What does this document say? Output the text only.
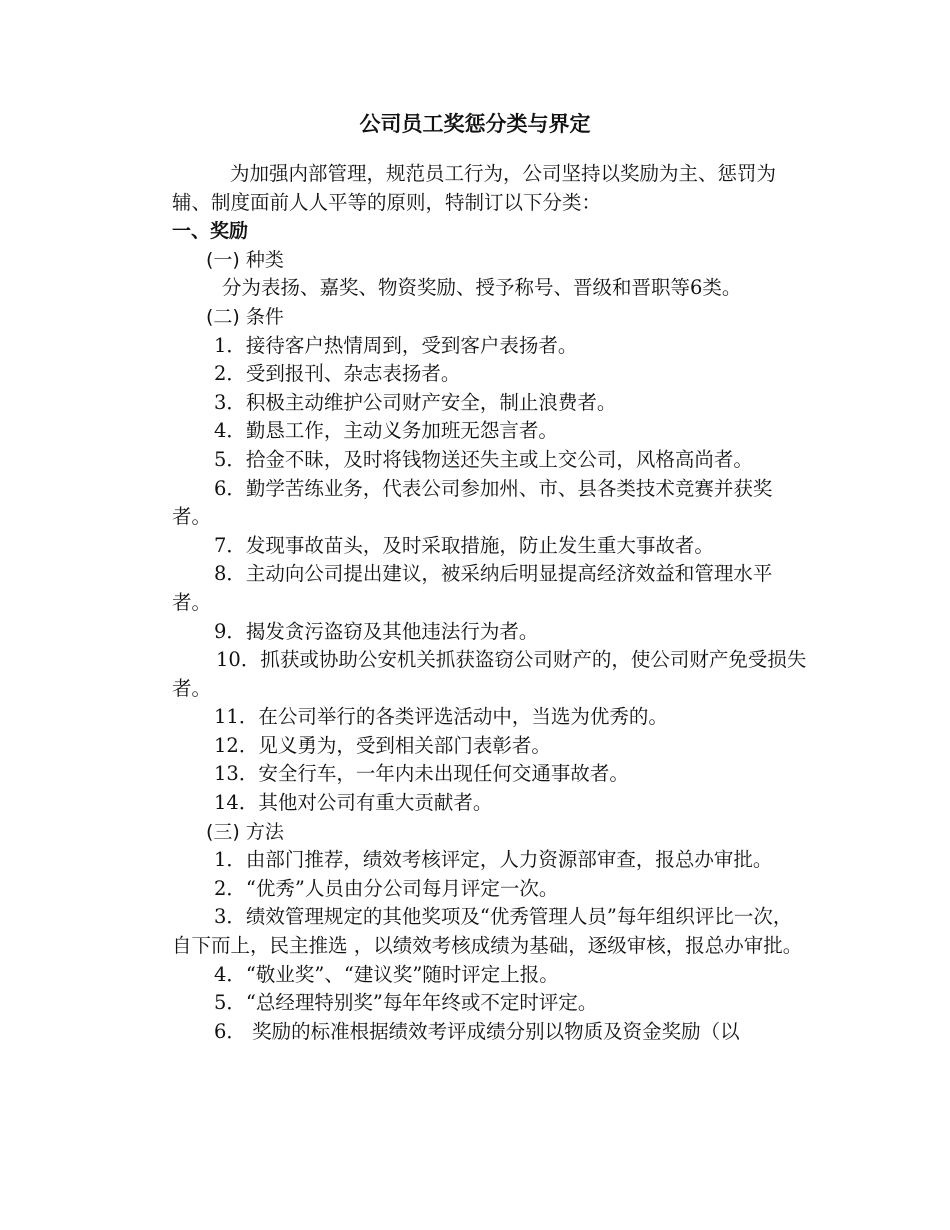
公司员工奖惩分类与界定

为加强内部管理，规范员工行为，公司坚持以奖励为主、惩罚为辅、制度面前人人平等的原则，特制订以下分类：

一、奖励

(一) 种类

分为表扬、嘉奖、物资奖励、授予称号、晋级和晋职等6类。

(二) 条件

1．接待客户热情周到，受到客户表扬者。

2．受到报刊、杂志表扬者。

3．积极主动维护公司财产安全，制止浪费者。

4．勤恳工作，主动义务加班无怨言者。

5．拾金不昧，及时将钱物送还失主或上交公司，风格高尚者。

6．勤学苦练业务，代表公司参加州、市、县各类技术竞赛并获奖者。

7．发现事故苗头，及时采取措施，防止发生重大事故者。

8．主动向公司提出建议，被采纳后明显提高经济效益和管理水平者。

9．揭发贪污盗窃及其他违法行为者。

10．抓获或协助公安机关抓获盗窃公司财产的，使公司财产免受损失者。

11．在公司举行的各类评选活动中，当选为优秀的。

12．见义勇为，受到相关部门表彰者。

13．安全行车，一年内未出现任何交通事故者。

14．其他对公司有重大贡献者。

(三) 方法

1．由部门推荐，绩效考核评定，人力资源部审查，报总办审批。

2．“优秀”人员由分公司每月评定一次。

3．绩效管理规定的其他奖项及“优秀管理人员”每年组织评比一次，自下而上，民主推选 ，以绩效考核成绩为基础，逐级审核，报总办审批。

4．“敬业奖”、“建议奖”随时评定上报。

5．“总经理特别奖”每年年终或不定时评定。

6． 奖励的标准根据绩效考评成绩分别以物质及资金奖励（以
